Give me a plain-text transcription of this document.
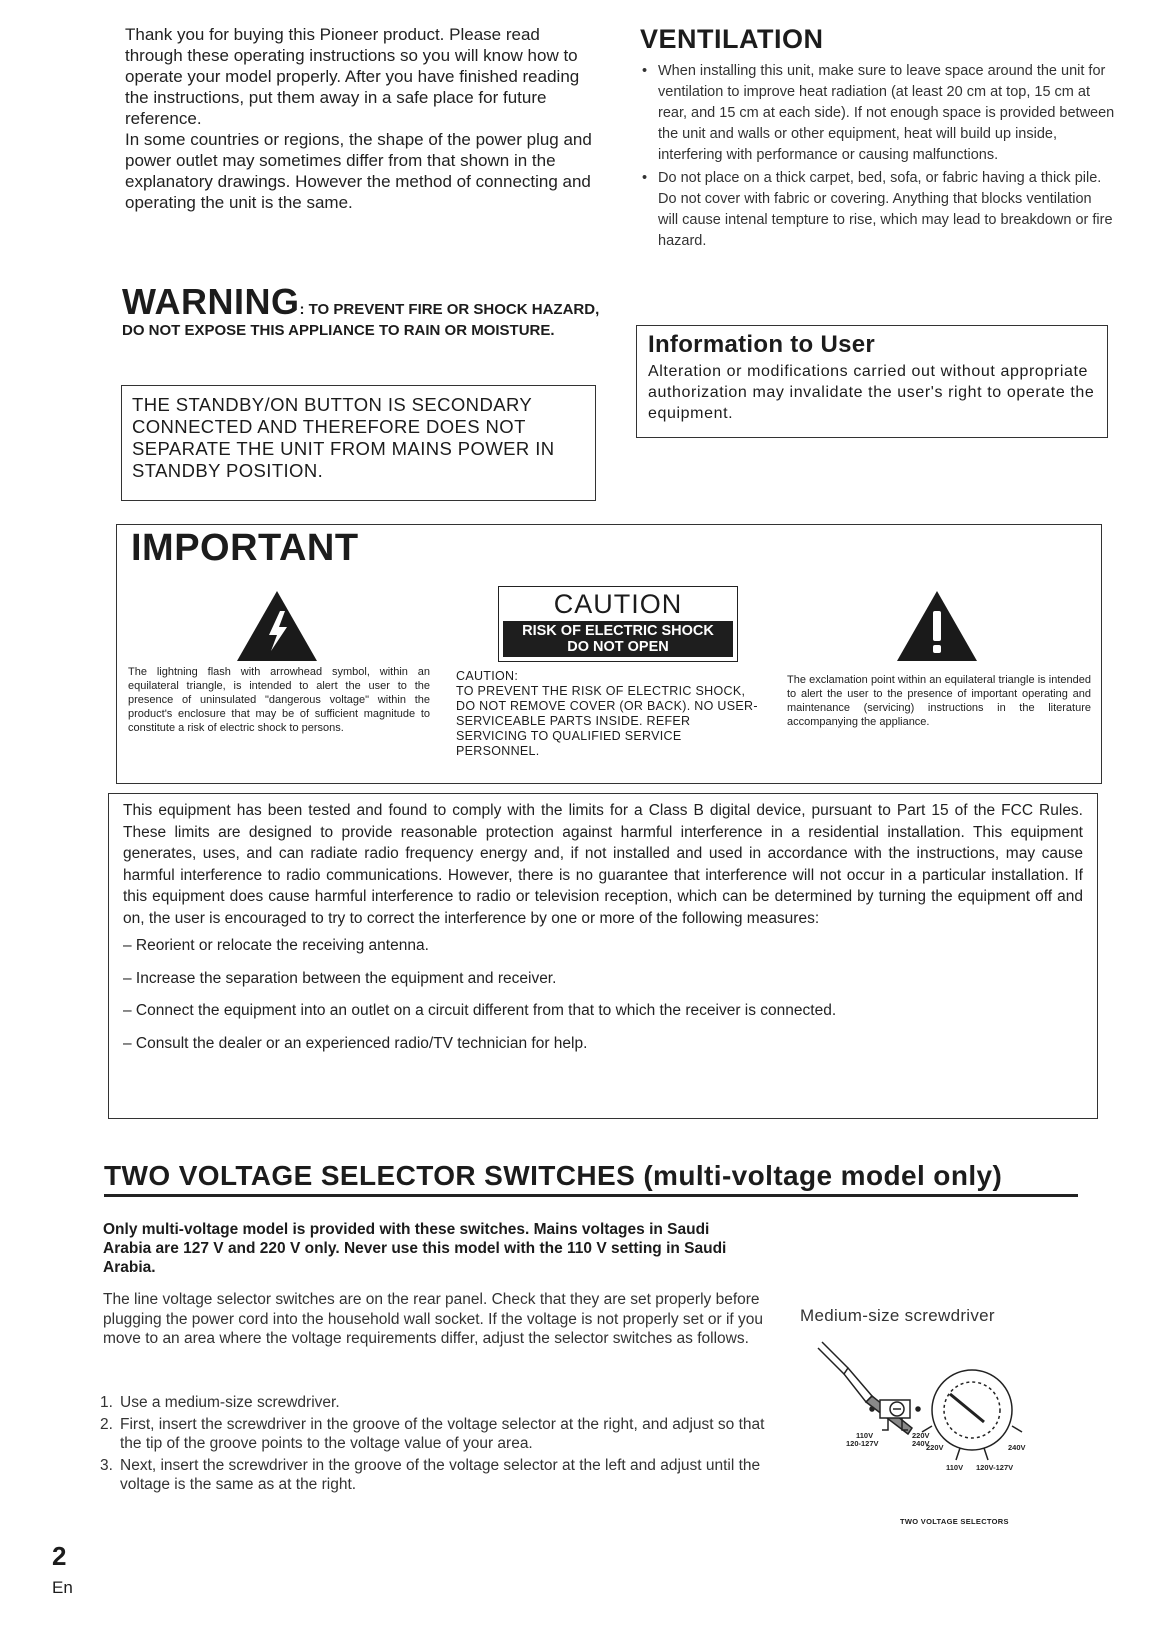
Thank you for buying this Pioneer product. Please read through these operating instructions so you will know how to operate your model properly. After you have finished reading the instructions, put them away in a safe place for future reference.

In some countries or regions, the shape of the power plug and power outlet may sometimes differ from that shown in the explanatory drawings. However the method of connecting and operating the unit is the same.

WARNING: TO PREVENT FIRE OR SHOCK HAZARD, DO NOT EXPOSE THIS APPLIANCE TO RAIN OR MOISTURE.
THE STANDBY/ON BUTTON IS SECONDARY CONNECTED AND THEREFORE DOES NOT SEPARATE THE UNIT FROM MAINS POWER IN STANDBY POSITION.
VENTILATION
• When installing this unit, make sure to leave space around the unit for ventilation to improve heat radiation (at least 20 cm at top, 15 cm at rear, and 15 cm at each side). If not enough space is provided between the unit and walls or other equipment, heat will build up inside, interfering with performance or causing malfunctions.
• Do not place on a thick carpet, bed, sofa, or fabric having a thick pile. Do not cover with fabric or covering. Anything that blocks ventilation will cause intenal tempture to rise, which may lead to breakdown or fire hazard.
Information to User

Alteration or modifications carried out without appropriate authorization may invalidate the user's right to operate the equipment.

IMPORTANT
CAUTION
RISK OF ELECTRIC SHOCK
DO NOT OPEN
The lightning flash with arrowhead symbol, within an equilateral triangle, is intended to alert the user to the presence of uninsulated "dangerous voltage" within the product's enclosure that may be of sufficient magnitude to constitute a risk of electric shock to persons.
CAUTION:
TO PREVENT THE RISK OF ELECTRIC SHOCK, DO NOT REMOVE COVER (OR BACK). NO USER-SERVICEABLE PARTS INSIDE. REFER SERVICING TO QUALIFIED SERVICE PERSONNEL.
The exclamation point within an equilateral triangle is intended to alert the user to the presence of important operating and maintenance (servicing) instructions in the literature accompanying the appliance.

This equipment has been tested and found to comply with the limits for a Class B digital device, pursuant to Part 15 of the FCC Rules. These limits are designed to provide reasonable protection against harmful interference in a residential installation. This equipment generates, uses, and can radiate radio frequency energy and, if not installed and used in accordance with the instructions, may cause harmful interference to radio communications. However, there is no guarantee that interference will not occur in a particular installation. If this equipment does cause harmful interference to radio or television reception, which can be determined by turning the equipment off and on, the user is encouraged to try to correct the interference by one or more of the following measures:

– Reorient or relocate the receiving antenna.
– Increase the separation between the equipment and receiver.
– Connect the equipment into an outlet on a circuit different from that to which the receiver is connected.
– Consult the dealer or an experienced radio/TV technician for help.
TWO VOLTAGE SELECTOR SWITCHES (multi-voltage model only)
Only multi-voltage model is provided with these switches. Mains voltages in Saudi Arabia are 127 V and 220 V only. Never use this model with the 110 V setting in Saudi Arabia.
The line voltage selector switches are on the rear panel. Check that they are set properly before plugging the power cord into the household wall socket. If the voltage is not properly set or if you move to an area where the voltage requirements differ, adjust the selector switches as follows.
1. Use a medium-size screwdriver.
2. First, insert the screwdriver in the groove of the voltage selector at the right, and adjust so that the tip of the groove points to the voltage value of your area.
3. Next, insert the screwdriver in the groove of the voltage selector at the left and adjust until the voltage is the same as at the right.
Medium-size screwdriver
110V
120-127V
220V
240V
220V	240V
110V 120V-127V
TWO VOLTAGE SELECTORS
2
En
